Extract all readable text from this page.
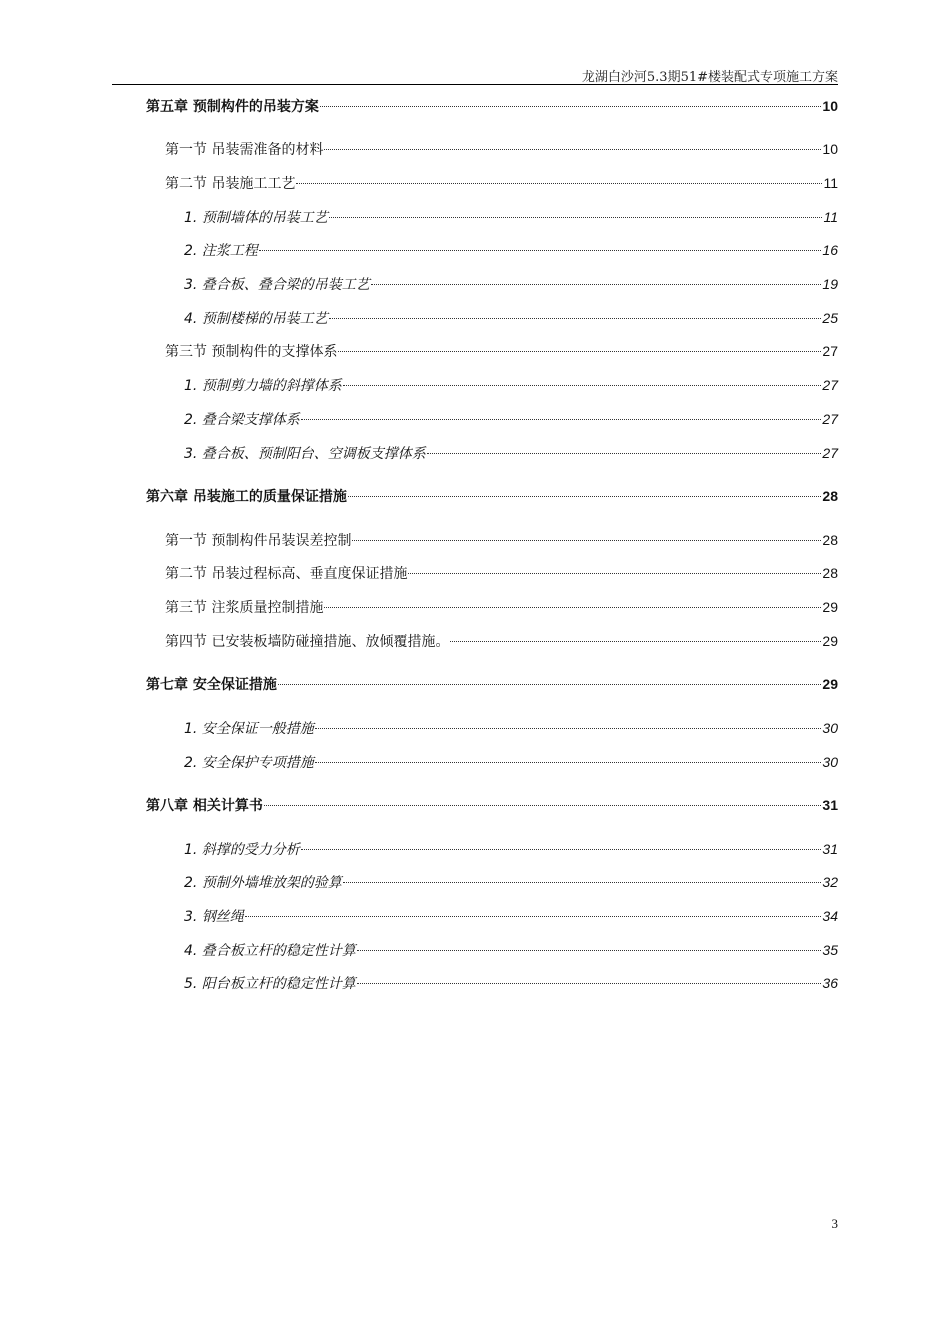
龙湖白沙河5.3期51#楼装配式专项施工方案
第五章 预制构件的吊装方案	10
第一节 吊装需准备的材料	10
第二节 吊装施工工艺	11
1. 预制墙体的吊装工艺	11
2. 注浆工程	16
3. 叠合板、叠合梁的吊装工艺	19
4. 预制楼梯的吊装工艺	25
第三节 预制构件的支撑体系	27
1. 预制剪力墙的斜撑体系	27
2. 叠合梁支撑体系	27
3. 叠合板、预制阳台、空调板支撑体系	27
第六章 吊装施工的质量保证措施	28
第一节 预制构件吊装误差控制	28
第二节 吊装过程标高、垂直度保证措施	28
第三节 注浆质量控制措施	29
第四节 已安装板墙防碰撞措施、放倾覆措施。	29
第七章 安全保证措施	29
1. 安全保证一般措施	30
2. 安全保护专项措施	30
第八章 相关计算书	31
1. 斜撑的受力分析	31
2. 预制外墙堆放架的验算	32
3. 钢丝绳	34
4. 叠合板立杆的稳定性计算	35
5. 阳台板立杆的稳定性计算	36
3
